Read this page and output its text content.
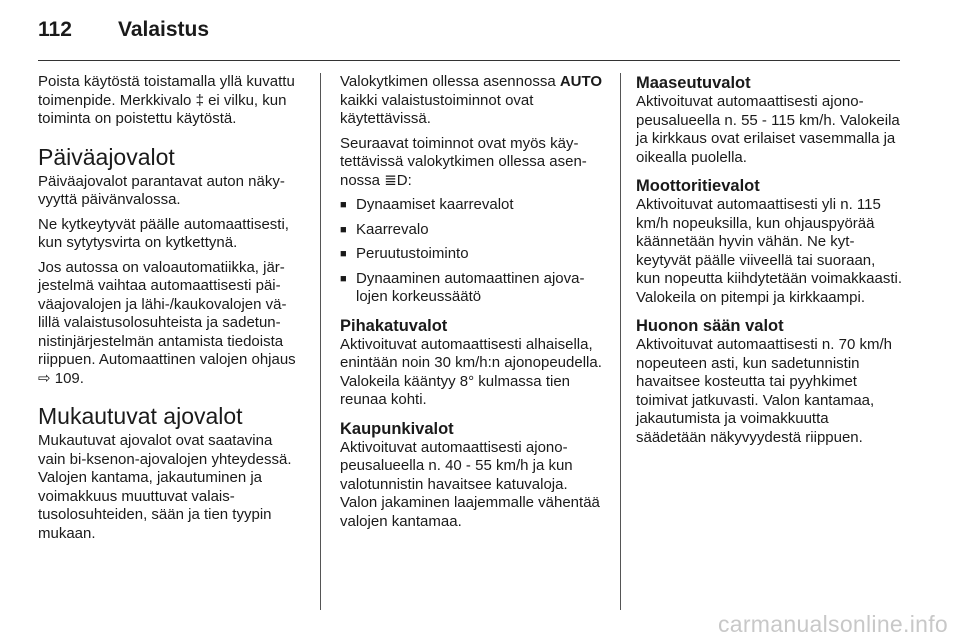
112	Valaistus

Poista käytöstä toistamalla yllä kuvattu toimenpide. Merkkivalo ‡ ei vilku, kun toiminta on poistettu käytöstä.

Päiväajovalot

Päiväajovalot parantavat auton näkyvyyttä päivänvalossa.

Ne kytkeytyvät päälle automaattisesti, kun sytytysvirta on kytkettynä.

Jos autossa on valoautomatiikka, järjestelmä vaihtaa automaattisesti päiväajovalojen ja lähi-/kaukovalojen välillä valaistusolosuhteista ja sadetunnistinjärjestelmän antamista tiedoista riippuen. Automaattinen valojen ohjaus ⇨ 109.

Mukautuvat ajovalot

Mukautuvat ajovalot ovat saatavina vain bi-ksenon-ajovalojen yhteydessä. Valojen kantama, jakautuminen ja voimakkuus muuttuvat valaistusolosuhteiden, sään ja tien tyypin mukaan.

Valokytkimen ollessa asennossa AUTO kaikki valaistustoiminnot ovat käytettävissä.

Seuraavat toiminnot ovat myös käytettävissä valokytkimen ollessa asennossa ≣D:

■ Dynaamiset kaarrevalot
■ Kaarrevalo
■ Peruutustoiminto
■ Dynaaminen automaattinen ajovalojen korkeussäätö
Pihakatuvalot

Aktivoituvat automaattisesti alhaisella, enintään noin 30 km/h:n ajonopeudella. Valokeila kääntyy 8° kulmassa tien reunaa kohti.

Kaupunkivalot

Aktivoituvat automaattisesti ajonopeusalueella n. 40 - 55 km/h ja kun valotunnistin havaitsee katuvaloja. Valon jakaminen laajemmalle vähentää valojen kantamaa.

Maaseutuvalot

Aktivoituvat automaattisesti ajonopeusalueella n. 55 - 115 km/h. Valokeila ja kirkkaus ovat erilaiset vasemmalla ja oikealla puolella.

Moottoritievalot

Aktivoituvat automaattisesti yli n. 115 km/h nopeuksilla, kun ohjauspyörää käännetään hyvin vähän. Ne kytkeytyvät päälle viiveellä tai suoraan, kun nopeutta kiihdytetään voimakkaasti. Valokeila on pitempi ja kirkkaampi.

Huonon sään valot

Aktivoituvat automaattisesti n. 70 km/h nopeuteen asti, kun sadetunnistin havaitsee kosteutta tai pyyhkimet toimivat jatkuvasti. Valon kantamaa, jakautumista ja voimakkuutta säädetään näkyvyydestä riippuen.

carmanualsonline.info
